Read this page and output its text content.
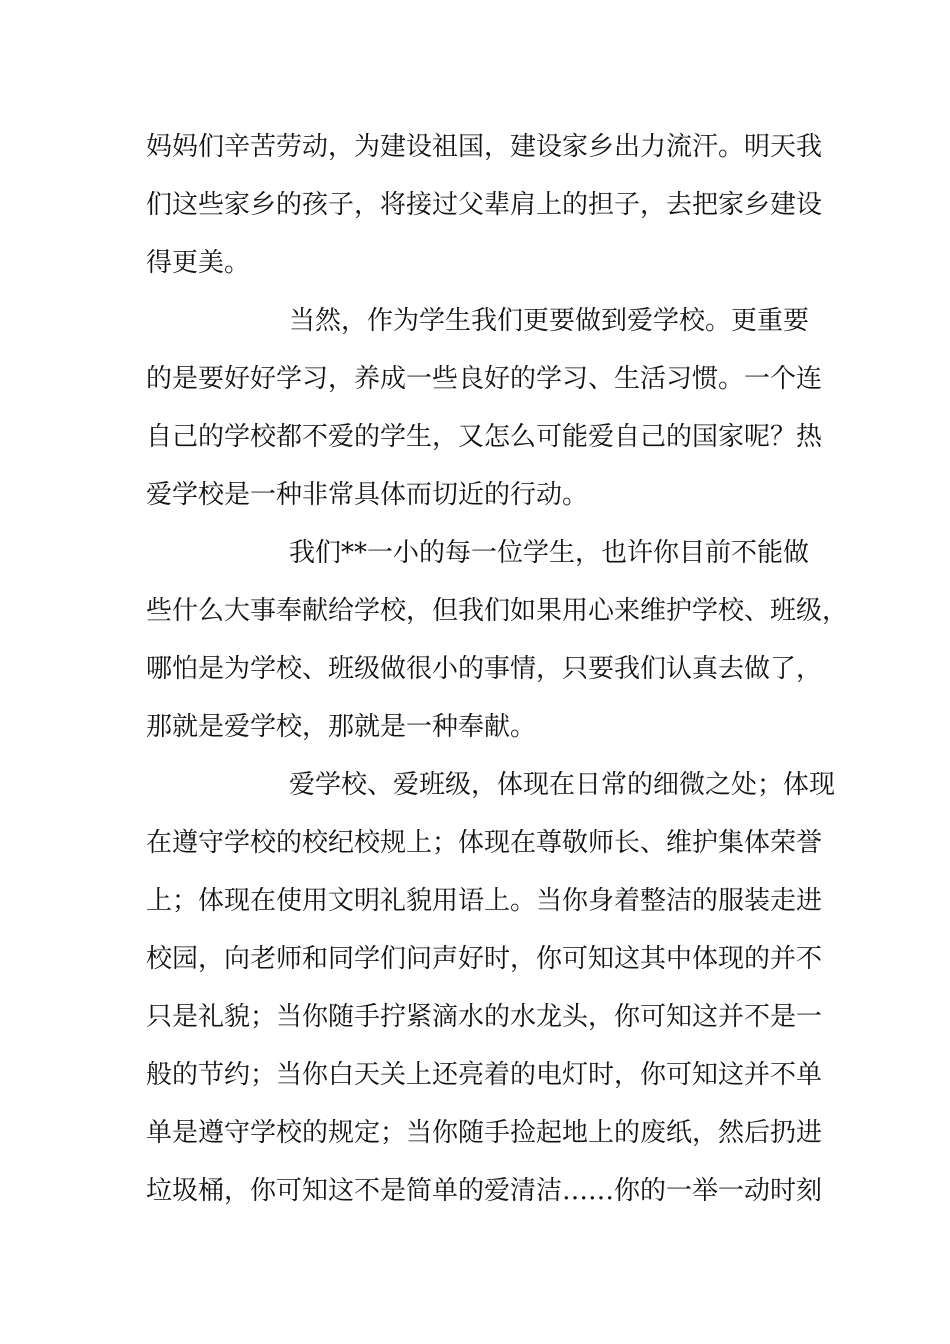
妈妈们辛苦劳动，为建设祖国，建设家乡出力流汗。明天我
们这些家乡的孩子，将接过父辈肩上的担子，去把家乡建设
得更美。
当然，作为学生我们更要做到爱学校。更重要
的是要好好学习，养成一些良好的学习、生活习惯。一个连
自己的学校都不爱的学生，又怎么可能爱自己的国家呢？热
爱学校是一种非常具体而切近的行动。
我们**一小的每一位学生，也许你目前不能做
些什么大事奉献给学校，但我们如果用心来维护学校、班级，
哪怕是为学校、班级做很小的事情，只要我们认真去做了，
那就是爱学校，那就是一种奉献。
爱学校、爱班级，体现在日常的细微之处；体现
在遵守学校的校纪校规上；体现在尊敬师长、维护集体荣誉
上；体现在使用文明礼貌用语上。当你身着整洁的服装走进
校园，向老师和同学们问声好时，你可知这其中体现的并不
只是礼貌；当你随手拧紧滴水的水龙头，你可知这并不是一
般的节约；当你白天关上还亮着的电灯时，你可知这并不单
单是遵守学校的规定；当你随手捡起地上的废纸，然后扔进
垃圾桶，你可知这不是简单的爱清洁……你的一举一动时刻
